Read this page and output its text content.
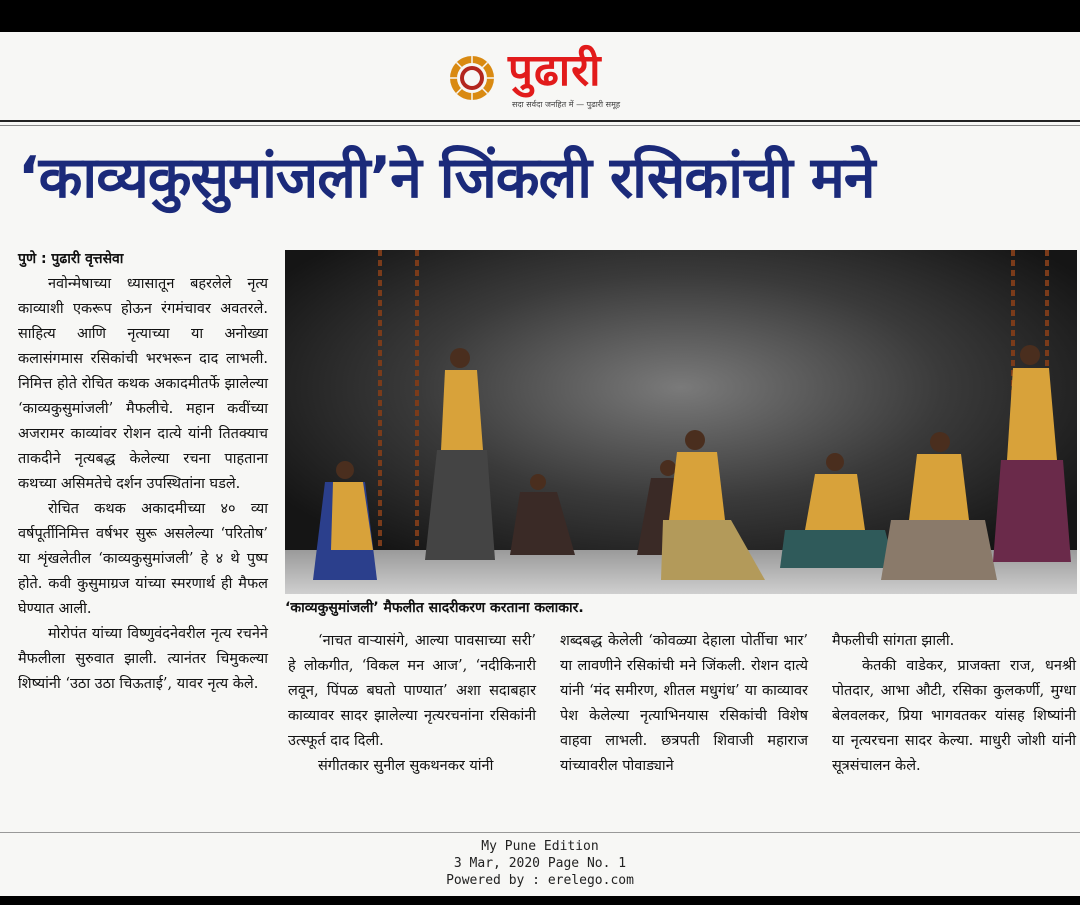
पुढारी
सदा सर्वदा जनहित में — पुढारी समूह
‘काव्यकुसुमांजली’ने जिंकली रसिकांची मने
पुणे : पुढारी वृत्तसेवा

नवोन्मेषाच्या ध्यासातून बहरलेले नृत्य काव्याशी एकरूप होऊन रंगमंचावर अवतरले. साहित्य आणि नृत्याच्या या अनोख्या कलासंगमास रसिकांची भरभरून दाद लाभली. निमित्त होते रोचित कथक अकादमीतर्फे झालेल्या ‘काव्यकुसुमांजली’ मैफलीचे. महान कवींच्या अजरामर काव्यांवर रोशन दात्ये यांनी तितक्याच ताकदीने नृत्यबद्ध केलेल्या रचना पाहताना कथच्या असिमतेचे दर्शन उपस्थितांना घडले.

रोचित कथक अकादमीच्या ४० व्या वर्षपूर्तीनिमित्त वर्षभर सुरू असलेल्या ‘परितोष’ या शृंखलेतील ‘काव्यकुसुमांजली’ हे ४ थे पुष्प होते. कवी कुसुमाग्रज यांच्या स्मरणार्थ ही मैफल घेण्यात आली.

मोरोपंत यांच्या विष्णुवंदनेवरील नृत्य रचनेने मैफलीला सुरुवात झाली. त्यानंतर चिमुकल्या शिष्यांनी ‘उठा उठा चिऊताई’, यावर नृत्य केले.

‘काव्यकुसुमांजली’ मैफलीत सादरीकरण करताना कलाकार.

‘नाचत वाऱ्यासंगे, आल्या पावसाच्या सरी’ हे लोकगीत, ‘विकल मन आज’, ‘नदीकिनारी लवून, पिंपळ बघतो पाण्यात’ अशा सदाबहार काव्यावर सादर झालेल्या नृत्यरचनांना रसिकांनी उत्स्फूर्त दाद दिली.

संगीतकार सुनील सुकथनकर यांनी

शब्दबद्ध केलेली ‘कोवळ्या देहाला पोर्तीचा भार’ या लावणीने रसिकांची मने जिंकली. रोशन दात्ये यांनी ‘मंद समीरण, शीतल मधुगंध’ या काव्यावर पेश केलेल्या नृत्याभिनयास रसिकांची विशेष वाहवा लाभली. छत्रपती शिवाजी महाराज यांच्यावरील पोवाड्याने

मैफलीची सांगता झाली.

केतकी वाडेकर, प्राजक्ता राज, धनश्री पोतदार, आभा औटी, रसिका कुलकर्णी, मुग्धा बेलवलकर, प्रिया भागवतकर यांसह शिष्यांनी या नृत्यरचना सादर केल्या. माधुरी जोशी यांनी सूत्रसंचालन केले.

My Pune Edition
3 Mar, 2020 Page No. 1
Powered by : erelego.com
